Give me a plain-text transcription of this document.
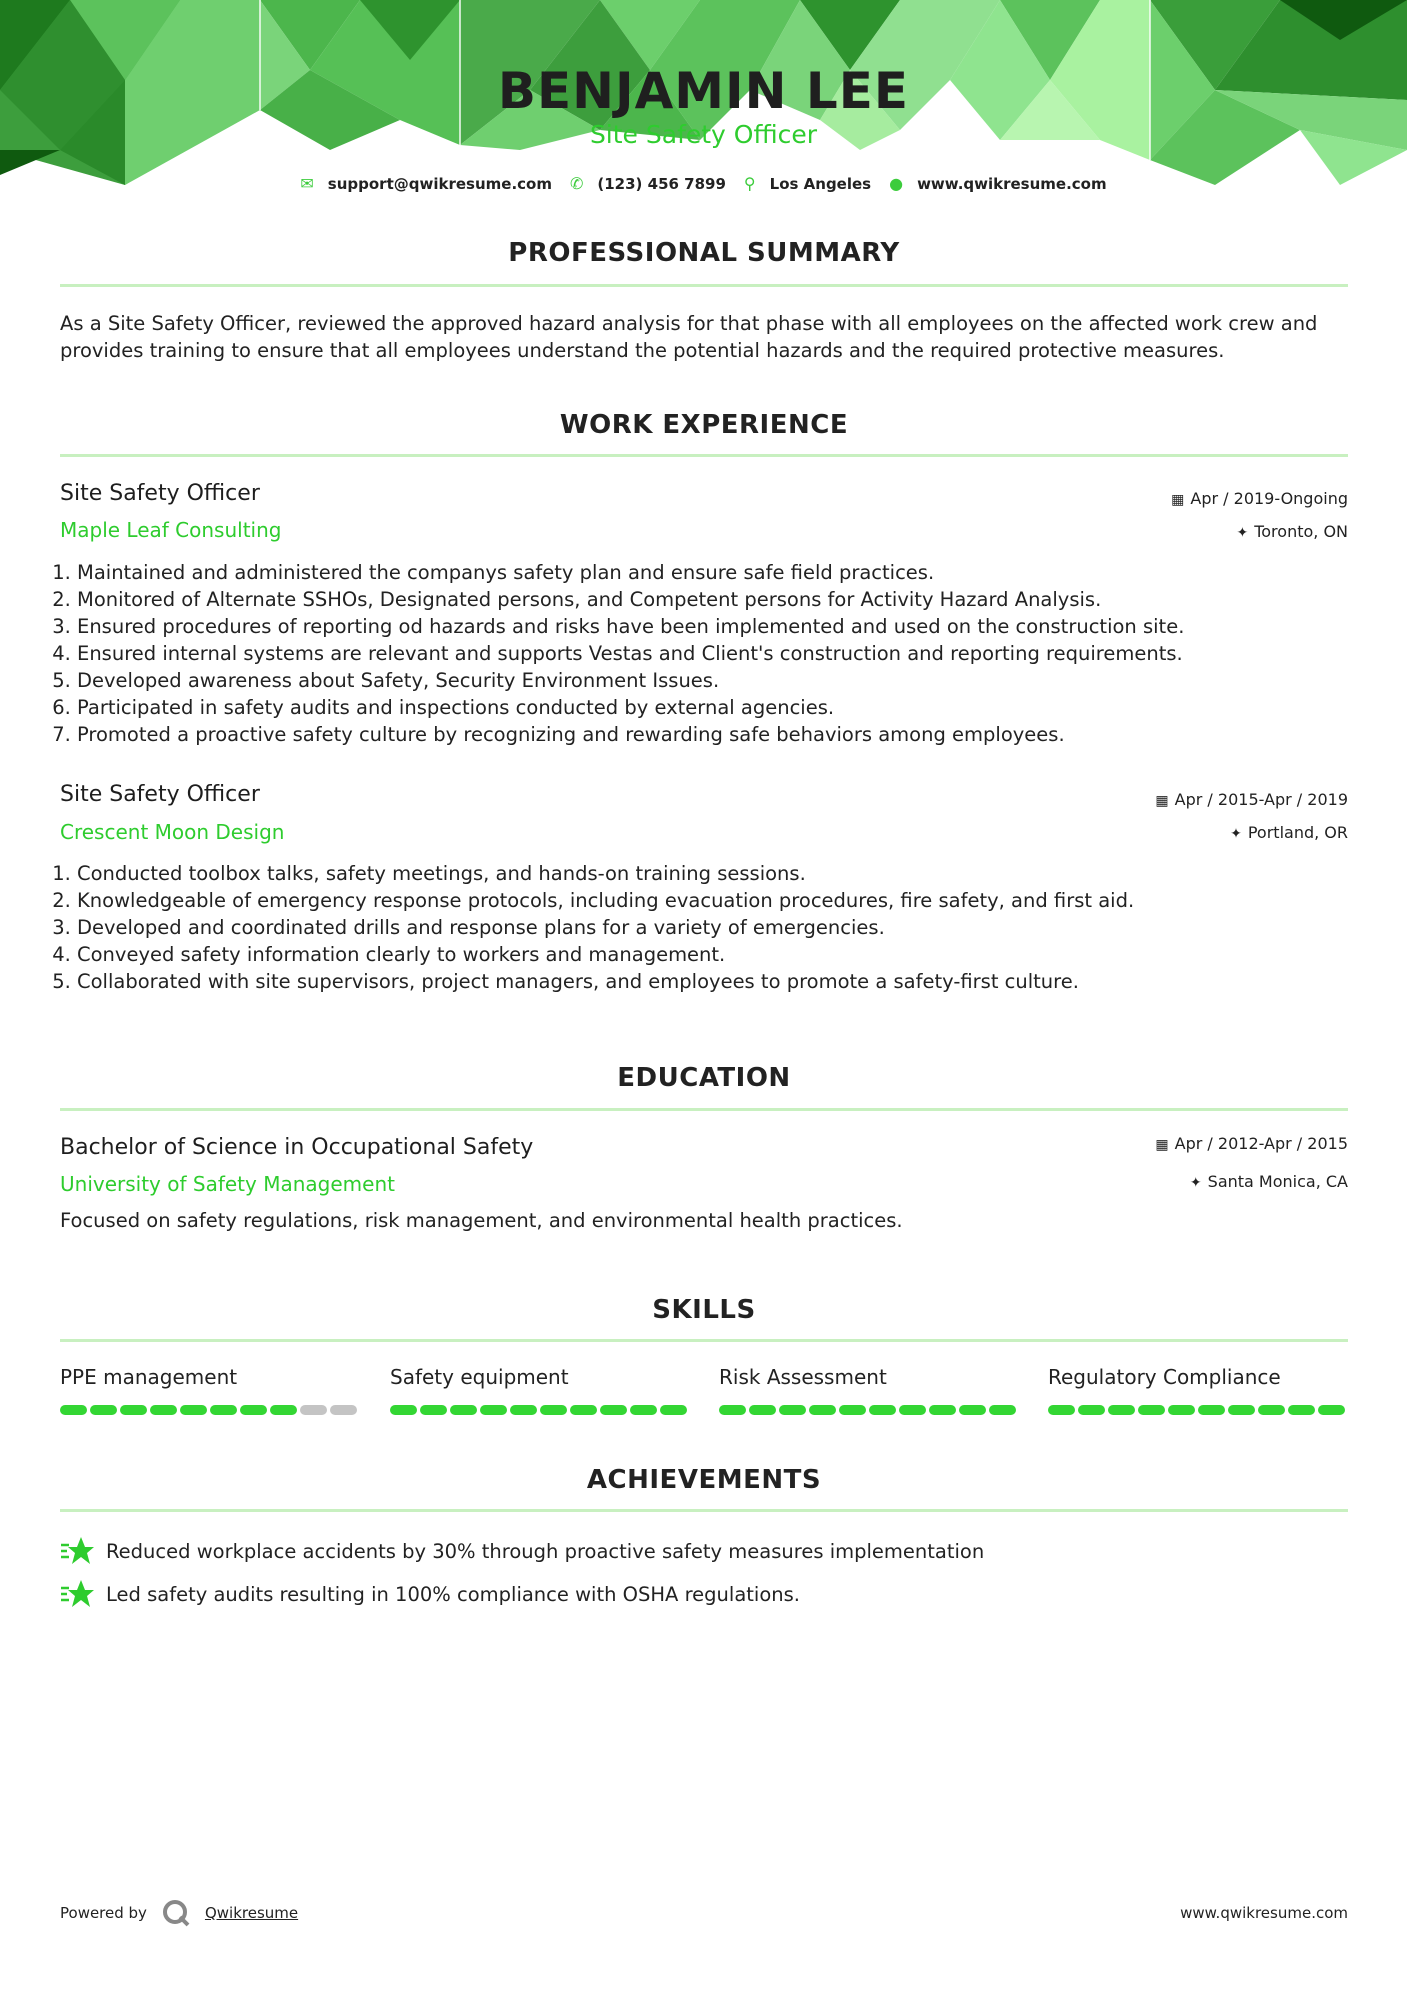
BENJAMIN LEE
Site Safety Officer
✉ support@qwikresume.com ✆ (123) 456 7899 ⚲ Los Angeles ● www.qwikresume.com
PROFESSIONAL SUMMARY
As a Site Safety Officer, reviewed the approved hazard analysis for that phase with all employees on the affected work crew and provides training to ensure that all employees understand the potential hazards and the required protective measures.
WORK EXPERIENCE
Site Safety Officer
Maple Leaf Consulting
▦ Apr / 2019-Ongoing
✦ Toronto, ON
1. Maintained and administered the companys safety plan and ensure safe field practices.
2. Monitored of Alternate SSHOs, Designated persons, and Competent persons for Activity Hazard Analysis.
3. Ensured procedures of reporting od hazards and risks have been implemented and used on the construction site.
4. Ensured internal systems are relevant and supports Vestas and Client's construction and reporting requirements.
5. Developed awareness about Safety, Security Environment Issues.
6. Participated in safety audits and inspections conducted by external agencies.
7. Promoted a proactive safety culture by recognizing and rewarding safe behaviors among employees.
Site Safety Officer
Crescent Moon Design
▦ Apr / 2015-Apr / 2019
✦ Portland, OR
1. Conducted toolbox talks, safety meetings, and hands-on training sessions.
2. Knowledgeable of emergency response protocols, including evacuation procedures, fire safety, and first aid.
3. Developed and coordinated drills and response plans for a variety of emergencies.
4. Conveyed safety information clearly to workers and management.
5. Collaborated with site supervisors, project managers, and employees to promote a safety-first culture.
EDUCATION
Bachelor of Science in Occupational Safety
University of Safety Management
▦ Apr / 2012-Apr / 2015
✦ Santa Monica, CA
Focused on safety regulations, risk management, and environmental health practices.
SKILLS
PPE management	Safety equipment	Risk Assessment	Regulatory Compliance
ACHIEVEMENTS
Reduced workplace accidents by 30% through proactive safety measures implementation
Led safety audits resulting in 100% compliance with OSHA regulations.
Powered by	Qwikresume	www.qwikresume.com
